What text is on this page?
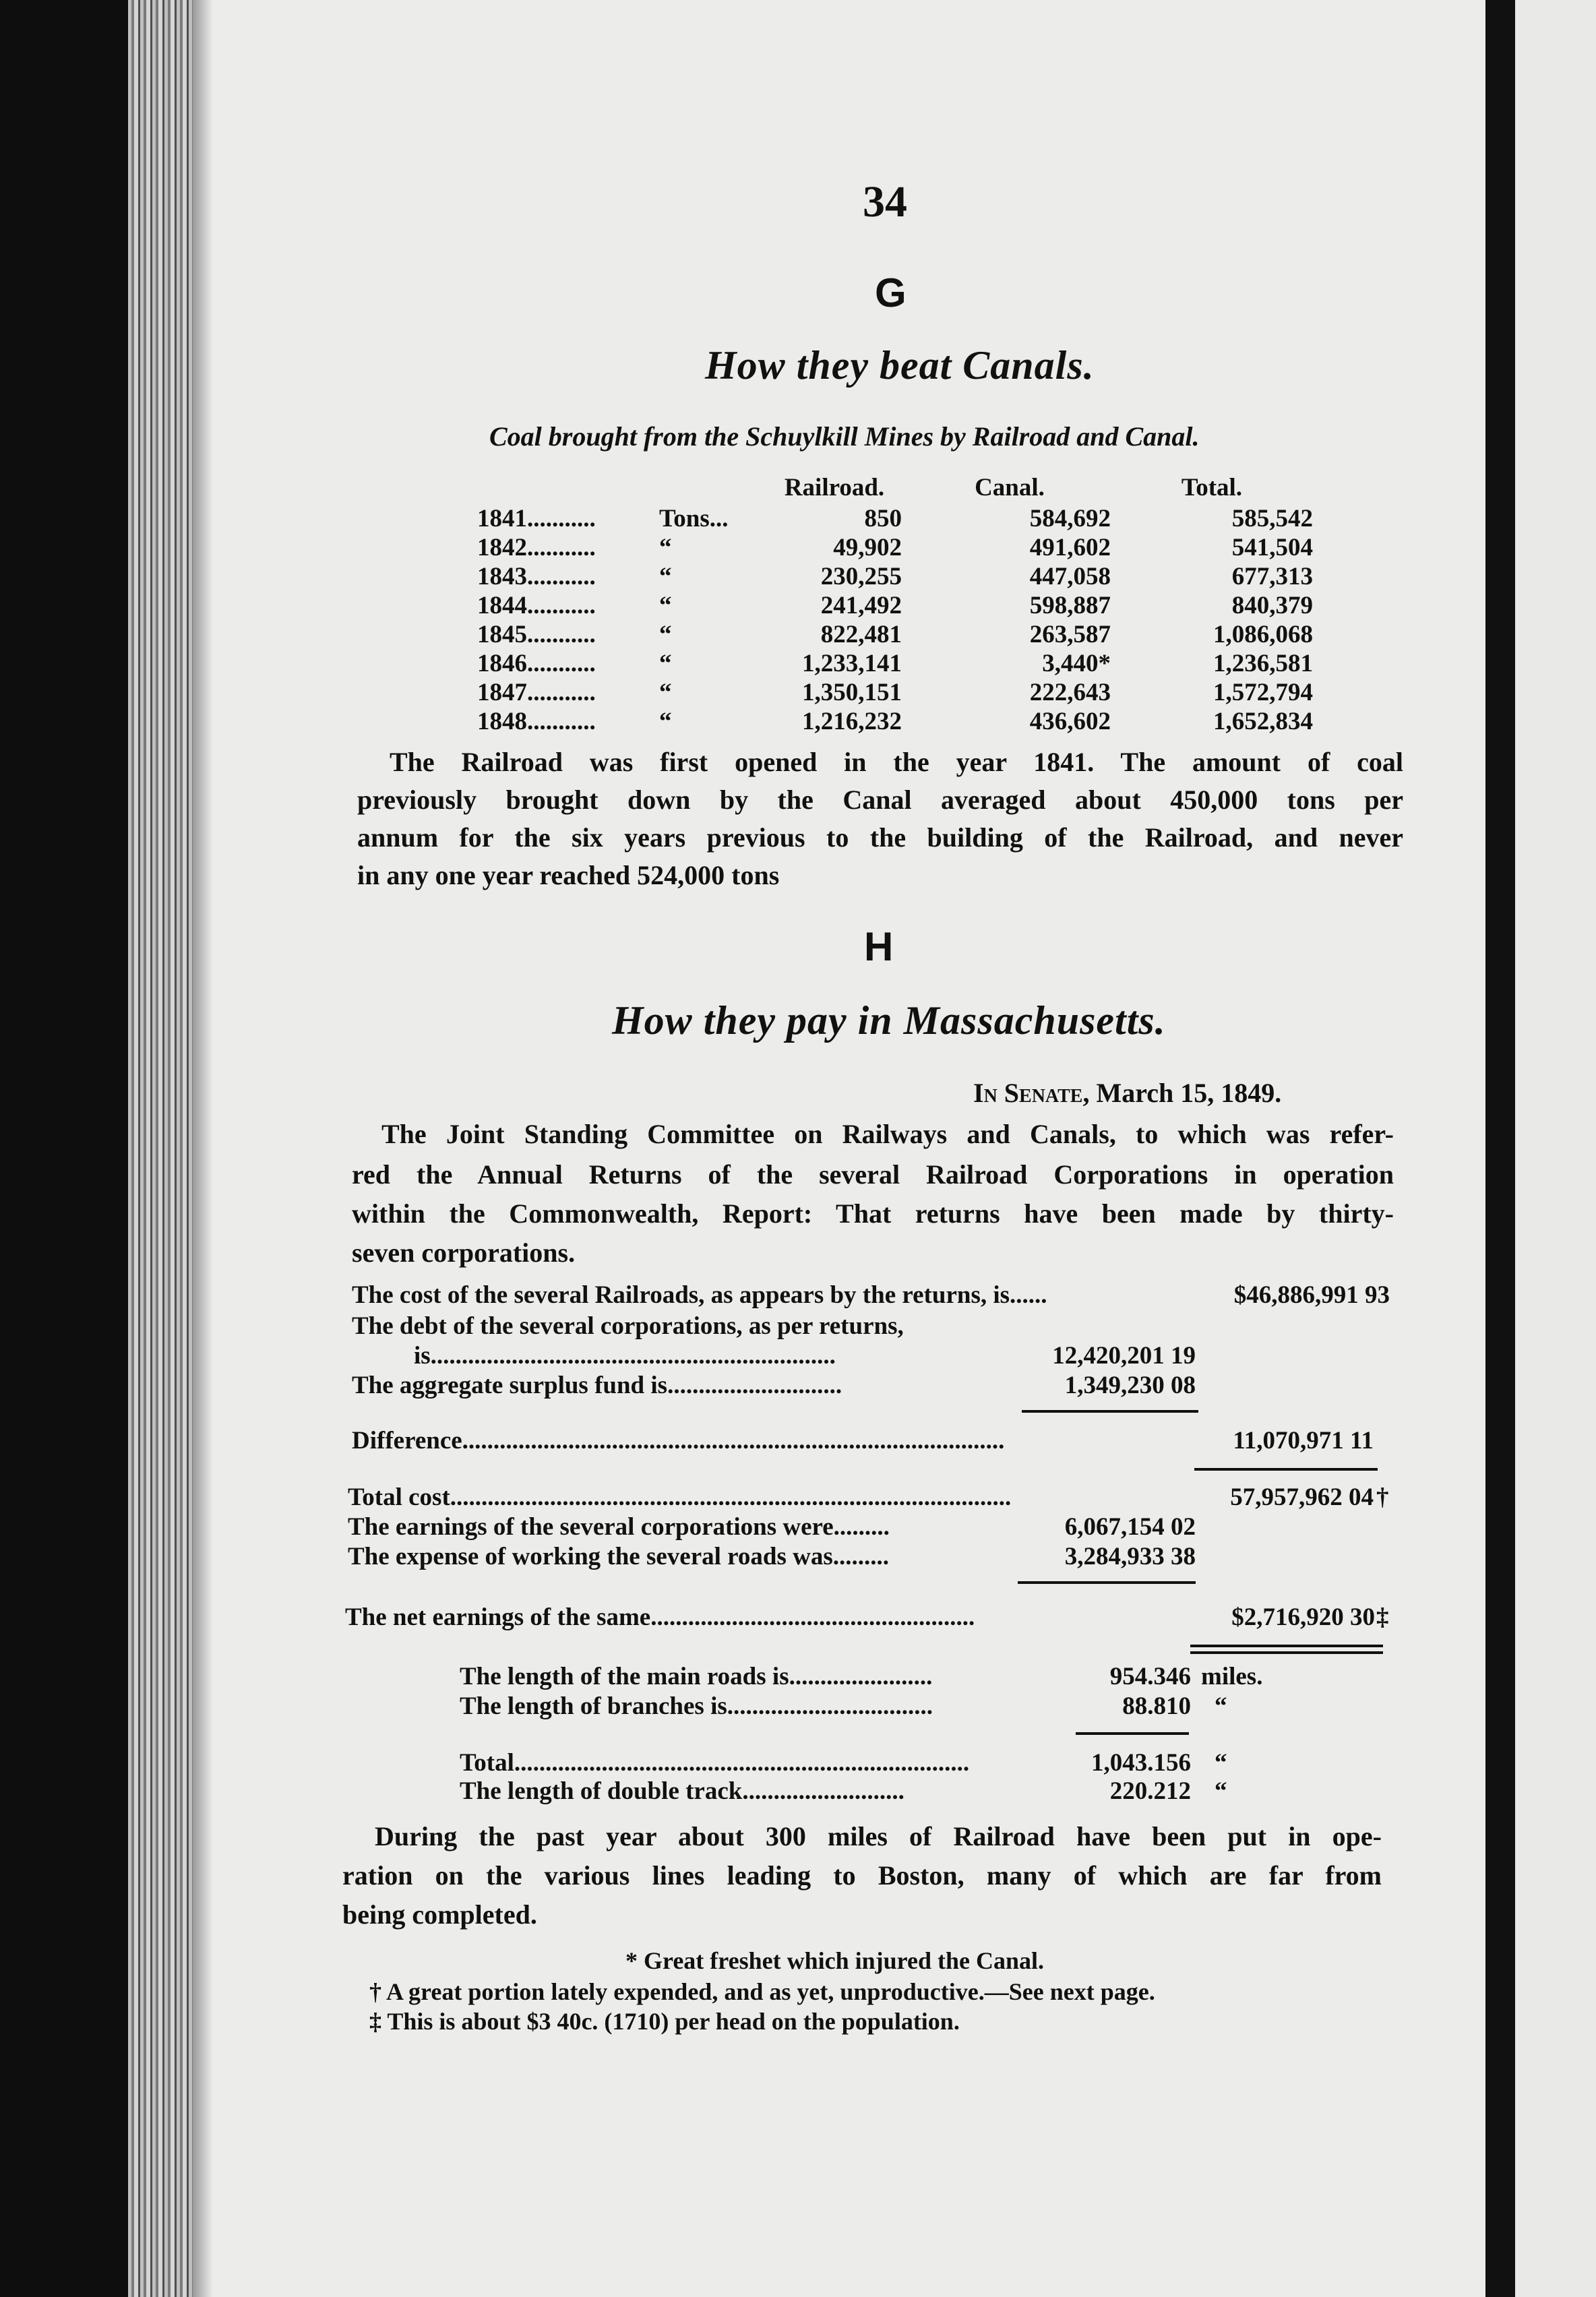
34
G
How they beat Canals.
Coal brought from the Schuylkill Mines by Railroad and Canal.
		Railroad.	Canal.	Total.
1841...........	Tons...	850	584,692	585,542
1842...........	“	49,902	491,602	541,504
1843...........	“	230,255	447,058	677,313
1844...........	“	241,492	598,887	840,379
1845...........	“	822,481	263,587	1,086,068
1846...........	“	1,233,141	3,440*	1,236,581
1847...........	“	1,350,151	222,643	1,572,794
1848...........	“	1,216,232	436,602	1,652,834
The Railroad was first opened in the year 1841. The amount of coal
previously brought down by the Canal averaged about 450,000 tons per
annum for the six years previous to the building of the Railroad, and never
in any one year reached 524,000 tons
H
How they pay in Massachusetts.
In Senate, March 15, 1849.
The Joint Standing Committee on Railways and Canals, to which was refer-
red the Annual Returns of the several Railroad Corporations in operation
within the Commonwealth, Report: That returns have been made by thirty-
seven corporations.
The cost of the several Railroads, as appears by the returns, is......	$46,886,991 93
The debt of the several corporations, as per returns,
is.................................................................	12,420,201 19
The aggregate surplus fund is............................	1,349,230 08
Difference.......................................................................................	11,070,971 11
Total cost..........................................................................................	57,957,962 04 †
The earnings of the several corporations were.........	6,067,154 02
The expense of working the several roads was.........	3,284,933 38
The net earnings of the same....................................................	$2,716,920 30 ‡
The length of the main roads is.......................	954.346 miles.
The length of branches is.................................	88.810 “
Total.........................................................................	1,043.156 “
The length of double track..........................	220.212 “
During the past year about 300 miles of Railroad have been put in ope-
ration on the various lines leading to Boston, many of which are far from
being completed.
* Great freshet which injured the Canal.
† A great portion lately expended, and as yet, unproductive.—See next page.
‡ This is about $3 40c. (1710) per head on the population.
